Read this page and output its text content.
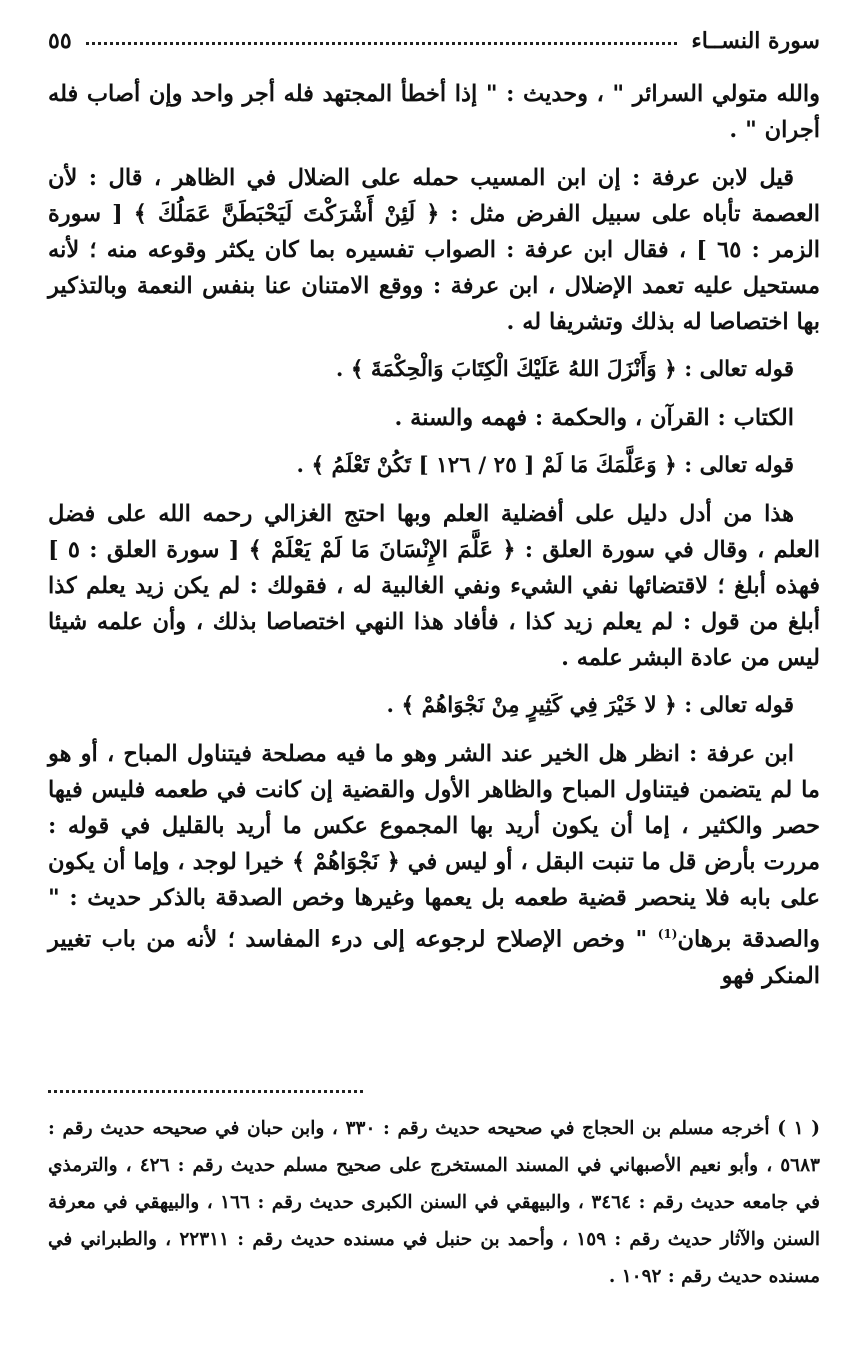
سورة النســاء
٥٥

والله متولي السرائر " ، وحديث : " إذا أخطأ المجتهد فله أجر واحد وإن أصاب فله أجران " .

قيل لابن عرفة : إن ابن المسيب حمله على الضلال في الظاهر ، قال : لأن العصمة تأباه على سبيل الفرض مثل : ﴿ لَئِنْ أَشْرَكْتَ لَيَحْبَطَنَّ عَمَلُكَ ﴾ [ سورة الزمر : ٦٥ ] ، فقال ابن عرفة : الصواب تفسيره بما كان يكثر وقوعه منه ؛ لأنه مستحيل عليه تعمد الإضلال ، ابن عرفة : ووقع الامتنان عنا بنفس النعمة وبالتذكير بها اختصاصا له بذلك وتشريفا له .

قوله تعالى : ﴿ وَأَنْزَلَ اللهُ عَلَيْكَ الْكِتَابَ وَالْحِكْمَةَ ﴾ .

الكتاب : القرآن ، والحكمة : فهمه والسنة .

قوله تعالى : ﴿ وَعَلَّمَكَ مَا لَمْ [ ٢٥ / ١٢٦ ] تَكُنْ تَعْلَمُ ﴾ .

هذا من أدل دليل على أفضلية العلم وبها احتج الغزالي رحمه الله على فضل العلم ، وقال في سورة العلق : ﴿ عَلَّمَ الإِنْسَانَ مَا لَمْ يَعْلَمْ ﴾ [ سورة العلق : ٥ ] فهذه أبلغ ؛ لاقتضائها نفي الشيء ونفي الغالبية له ، فقولك : لم يكن زيد يعلم كذا أبلغ من قول : لم يعلم زيد كذا ، فأفاد هذا النهي اختصاصا بذلك ، وأن علمه شيئا ليس من عادة البشر علمه .

قوله تعالى : ﴿ لا خَيْرَ فِي كَثِيرٍ مِنْ نَجْوَاهُمْ ﴾ .

ابن عرفة : انظر هل الخير عند الشر وهو ما فيه مصلحة فيتناول المباح ، أو هو ما لم يتضمن فيتناول المباح والظاهر الأول والقضية إن كانت في طعمه فليس فيها حصر والكثير ، إما أن يكون أريد بها المجموع عكس ما أريد بالقليل في قوله : مررت بأرض قل ما تنبت البقل ، أو ليس في ﴿ نَجْوَاهُمْ ﴾ خيرا لوجد ، وإما أن يكون على بابه فلا ينحصر قضية طعمه بل يعمها وغيرها وخص الصدقة بالذكر حديث : " والصدقة برهان$^{(1)}$ " وخص الإصلاح لرجوعه إلى درء المفاسد ؛ لأنه من باب تغيير المنكر فهو

( ١ ) أخرجه مسلم بن الحجاج في صحيحه حديث رقم : ٣٣٠ ، وابن حبان في صحيحه حديث رقم : ٥٦٨٣ ، وأبو نعيم الأصبهاني في المسند المستخرج على صحيح مسلم حديث رقم : ٤٢٦ ، والترمذي في جامعه حديث رقم : ٣٤٦٤ ، والبيهقي في السنن الكبرى حديث رقم : ١٦٦ ، والبيهقي في معرفة السنن والآثار حديث رقم : ١٥٩ ، وأحمد بن حنبل في مسنده حديث رقم : ٢٢٣١١ ، والطبراني في مسنده حديث رقم : ١٠٩٢ .
